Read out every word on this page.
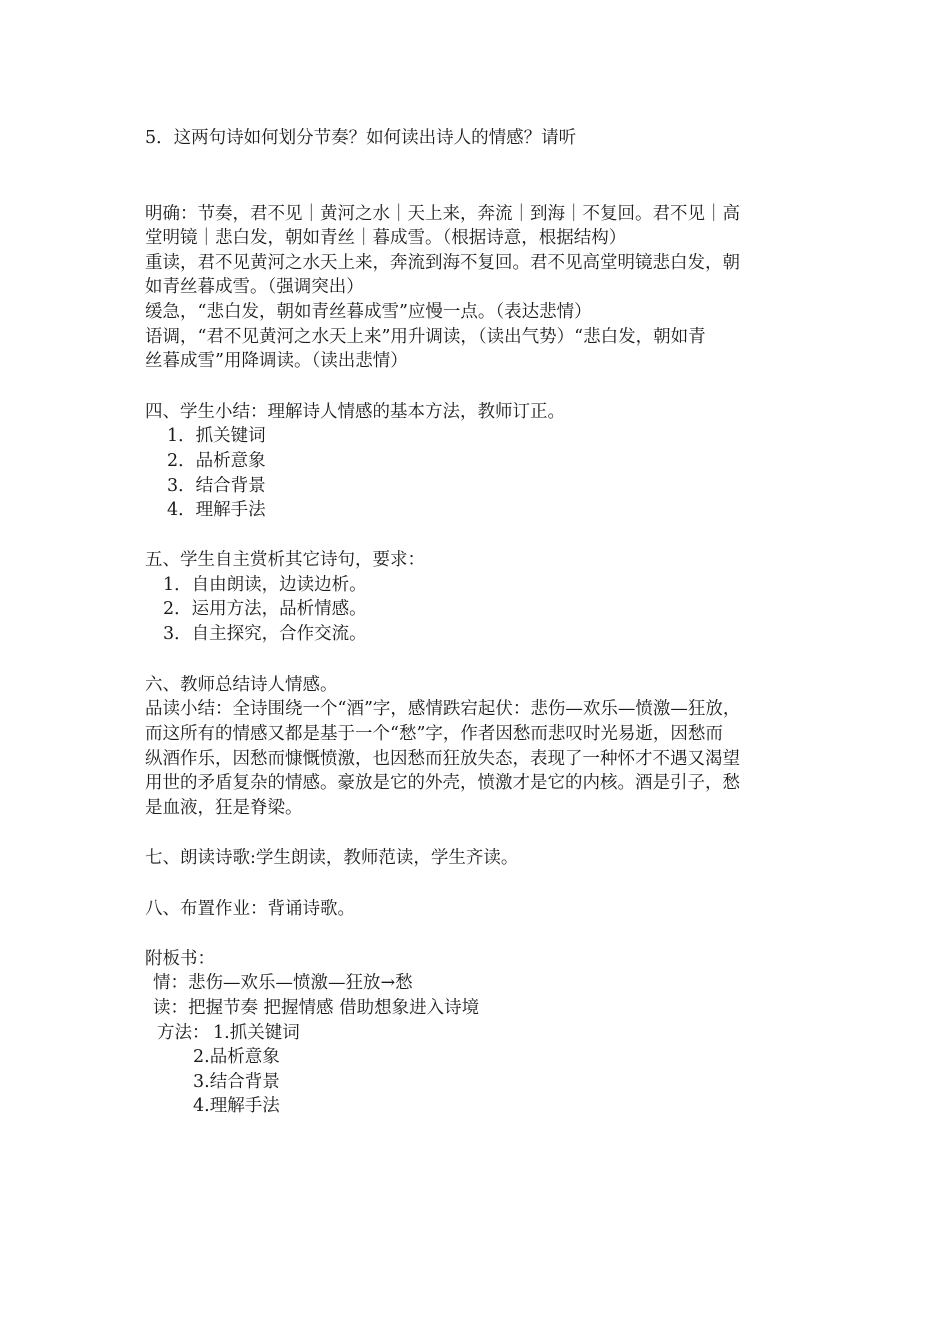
5．这两句诗如何划分节奏？如何读出诗人的情感？请听
明确：节奏，君不见｜黄河之水｜天上来，奔流｜到海｜不复回。君不见｜高
堂明镜｜悲白发，朝如青丝｜暮成雪。（根据诗意，根据结构）
重读，君不见黄河之水天上来，奔流到海不复回。君不见高堂明镜悲白发，朝
如青丝暮成雪。（强调突出）
缓急，“悲白发，朝如青丝暮成雪”应慢一点。（表达悲情）
语调，“君不见黄河之水天上来”用升调读，（读出气势）“悲白发，朝如青
丝暮成雪”用降调读。（读出悲情）
四、学生小结：理解诗人情感的基本方法，教师订正。
1．抓关键词
2．品析意象
3．结合背景
4．理解手法
五、学生自主赏析其它诗句，要求：
1．自由朗读，边读边析。
2．运用方法，品析情感。
3．自主探究，合作交流。
六、教师总结诗人情感。
品读小结：全诗围绕一个“酒”字，感情跌宕起伏：悲伤—欢乐—愤激—狂放，
而这所有的情感又都是基于一个“愁”字，作者因愁而悲叹时光易逝，因愁而
纵酒作乐，因愁而慷慨愤激，也因愁而狂放失态，表现了一种怀才不遇又渴望
用世的矛盾复杂的情感。豪放是它的外壳，愤激才是它的内核。酒是引子，愁
是血液，狂是脊梁。
七、朗读诗歌:学生朗读，教师范读，学生齐读。
八、布置作业：背诵诗歌。
附板书：
情：悲伤—欢乐—愤激—狂放→愁
读：把握节奏 把握情感 借助想象进入诗境
方法： 1.抓关键词
2.品析意象
3.结合背景
4.理解手法
